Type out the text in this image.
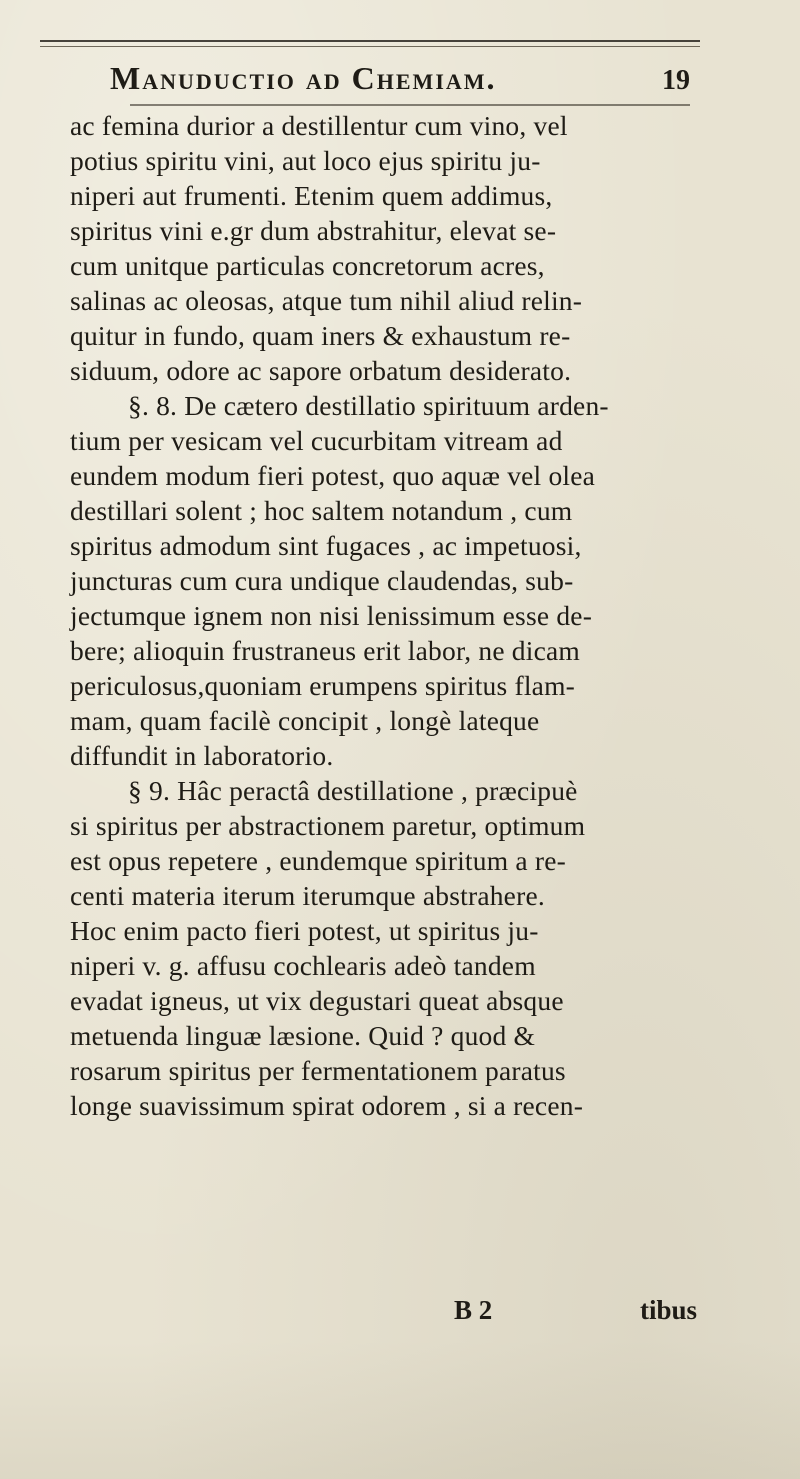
Manuductio ad Chemiam.	19
ac femina durior a destillentur cum vino, vel
potius spiritu vini, aut loco ejus spiritu ju-
niperi aut frumenti. Etenim quem addimus,
spiritus vini e.gr dum abstrahitur, elevat se-
cum unitque particulas concretorum acres,
salinas ac oleosas, atque tum nihil aliud relin-
quitur in fundo, quam iners & exhaustum re-
siduum, odore ac sapore orbatum desiderato.
§. 8. De cætero destillatio spirituum arden-
tium per vesicam vel cucurbitam vitream ad
eundem modum fieri potest, quo aquæ vel olea
destillari solent ; hoc saltem notandum , cum
spiritus admodum sint fugaces , ac impetuosi,
juncturas cum cura undique claudendas, sub-
jectumque ignem non nisi lenissimum esse de-
bere; alioquin frustraneus erit labor, ne dicam
periculosus,quoniam erumpens spiritus flam-
mam, quam facilè concipit , longè lateque
diffundit in laboratorio.
§ 9. Hâc peractâ destillatione , præcipuè
si spiritus per abstractionem paretur, optimum
est opus repetere , eundemque spiritum a re-
centi materia iterum iterumque abstrahere.
Hoc enim pacto fieri potest, ut spiritus ju-
niperi v. g. affusu cochlearis adeò tandem
evadat igneus, ut vix degustari queat absque
metuenda linguæ læsione. Quid ? quod &
rosarum spiritus per fermentationem paratus
longe suavissimum spirat odorem , si a recen-
B 2	tibus
